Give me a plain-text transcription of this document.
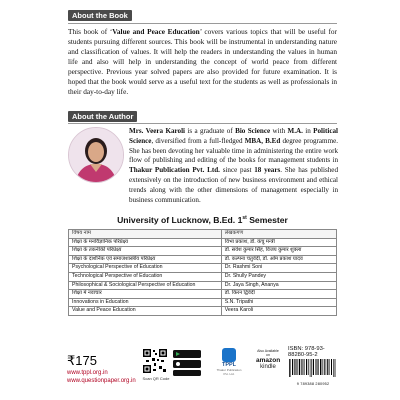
About the Book

This book of ‘Value and Peace Education’ covers various topics that will be useful for students pursuing different sources. This book will be instrumental in understanding nature and classification of values. It will help the readers in understanding the values in human life and also will help in understanding the concept of world peace from different perspective. Previous year solved papers are also provided for future examination. It is hoped that the book would serve as a useful text for the students as well as professionals in their day-to-day life.

About the Author

Mrs. Veera Karoli is a graduate of Bio Science with M.A. in Political Science, diversified from a full-fledged MBA, B.Ed degree programme. She has been devoting her valuable time in administering the entire work flow of publishing and editing of the books for management students in Thakur Publication Pvt. Ltd. since past 18 years. She has published extensively on the introduction of new business environment and ethical trends along with the other dimensions of management especially in business communication.

University of Lucknow, B.Ed. 1st Semester

विषय नाम	लेखकगण
शिक्षा के मनोवैज्ञानिक परिप्रेक्ष्य	विभा प्रकाश, डॉ. कंचु मन्त्री
शिक्षा के तकनीकी परिप्रेक्ष्य	डॉ. सर्वेश कुमार सिंह, विजय कुमार शुक्ला
शिक्षा के दार्शनिक एवं समाजशास्त्रीय परिप्रेक्ष्य	डॉ. कल्पना चतुर्वेदी, डॉ. ओम प्रकाश यादव
Psychological Perspective of Education	Dr. Rashmi Soni
Technological Perspective of Education	Dr. Shully Pandey
Philosophical & Sociological Perspective of Education	Dr. Jaya Singh, Ananya
शिक्षा में नवाचार	डॉ. किरन द्विवेदी
Innovations in Education	S.N. Tripathi
Value and Peace Education	Veera Karoli
₹175
www.tppl.org.in
www.questionpaper.org.in	Scan QR Code
TPPL
Thakur Publication Pvt. Ltd.
Also Available on
amazon
kindle

ISBN: 978-93-88280-95-2

9 789388 280952
